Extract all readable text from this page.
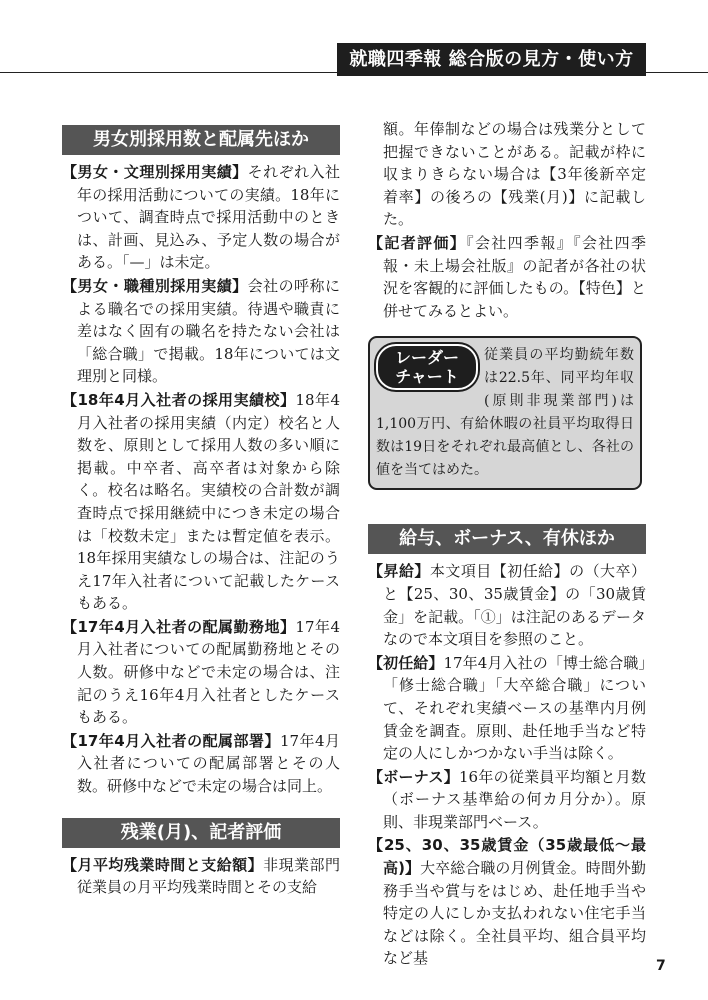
就職四季報 総合版の見方・使い方
男女別採用数と配属先ほか

【男女・文理別採用実績】それぞれ入社年の採用活動についての実績。18年について、調査時点で採用活動中のときは、計画、見込み、予定人数の場合がある。「—」は未定。

【男女・職種別採用実績】会社の呼称による職名での採用実績。待遇や職責に差はなく固有の職名を持たない会社は「総合職」で掲載。18年については文理別と同様。

【18年4月入社者の採用実績校】18年4月入社者の採用実績（内定）校名と人数を、原則として採用人数の多い順に掲載。中卒者、高卒者は対象から除く。校名は略名。実績校の合計数が調査時点で採用継続中につき未定の場合は「校数未定」または暫定値を表示。18年採用実績なしの場合は、注記のうえ17年入社者について記載したケースもある。

【17年4月入社者の配属勤務地】17年4月入社者についての配属勤務地とその人数。研修中などで未定の場合は、注記のうえ16年4月入社者としたケースもある。

【17年4月入社者の配属部署】17年4月入社者についての配属部署とその人数。研修中などで未定の場合は同上。

残業(月)、記者評価

【月平均残業時間と支給額】非現業部門従業員の月平均残業時間とその支給

額。年俸制などの場合は残業分として把握できないことがある。記載が枠に収まりきらない場合は【3年後新卒定着率】の後ろの【残業(月)】に記載した。

【記者評価】『会社四季報』『会社四季報・未上場会社版』の記者が各社の状況を客観的に評価したもの。【特色】と併せてみるとよい。

レーダー
チャート
従業員の平均勤続年数は22.5年、同平均年収(原則非現業部門)は1,100万円、有給休暇の社員平均取得日数は19日をそれぞれ最高値とし、各社の値を当てはめた。
給与、ボーナス、有休ほか

【昇給】本文項目【初任給】の（大卒）と【25、30、35歳賃金】の「30歳賃金」を記載。「①」は注記のあるデータなので本文項目を参照のこと。

【初任給】17年4月入社の「博士総合職」「修士総合職」「大卒総合職」について、それぞれ実績ベースの基準内月例賃金を調査。原則、赴任地手当など特定の人にしかつかない手当は除く。

【ボーナス】16年の従業員平均額と月数（ボーナス基準給の何カ月分か）。原則、非現業部門ベース。

【25、30、35歳賃金（35歳最低〜最高)】大卒総合職の月例賃金。時間外勤務手当や賞与をはじめ、赴任地手当や特定の人にしか支払われない住宅手当などは除く。全社員平均、組合員平均など基	7
